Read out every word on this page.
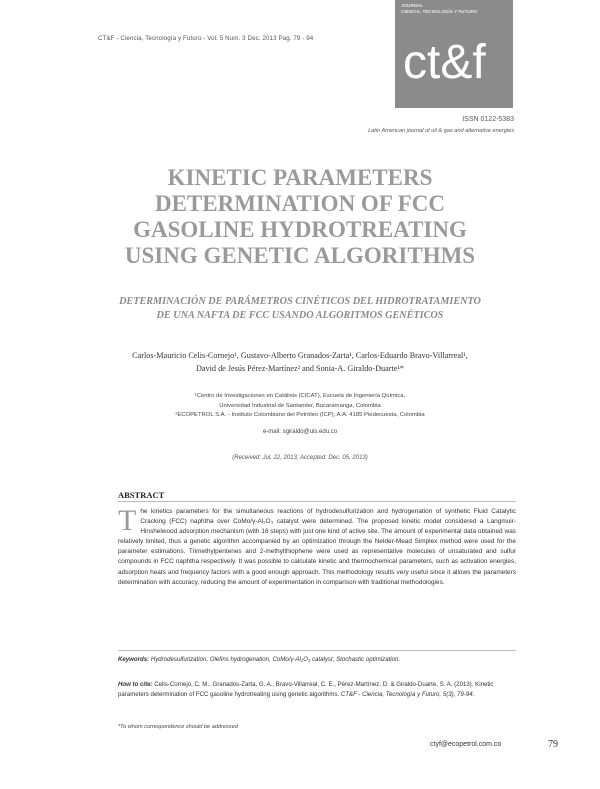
CT&F - Ciencia, Tecnología y Futuro - Vol. 5 Num. 3 Dec. 2013 Pag. 79 - 94
JOURNAL
CIENCIA, TECNOLOGÍA Y FUTURO
ct&f
ISSN 0122-5383
Latin American journal of oil & gas and alternative energies
KINETIC PARAMETERS
DETERMINATION OF FCC
GASOLINE HYDROTREATING
USING GENETIC ALGORITHMS
DETERMINACIÓN DE PARÁMETROS CINÉTICOS DEL HIDROTRATAMIENTO
DE UNA NAFTA DE FCC USANDO ALGORITMOS GENÉTICOS
Carlos-Mauricio Celis-Cornejo¹, Gustavo-Alberto Granados-Zarta¹, Carlos-Eduardo Bravo-Villarreal¹,
David de Jesús Pérez-Martínez² and Sonia-A. Giraldo-Duarte¹*
¹Centro de Investigaciones en Catálisis (CICAT), Escuela de Ingeniería Química,
Universidad Industrial de Santander, Bucaramanga, Colombia
²ECOPETROL S.A. - Instituto Colombiano del Petróleo (ICP), A.A. 4185 Piedecuesta, Colombia
e-mail: sgiraldo@uis.edu.co
(Received: Jul. 22, 2013; Accepted: Dec. 05, 2013)
ABSTRACT
The kinetics parameters for the simultaneous reactions of hydrodesulfurization and hydrogenation of synthetic Fluid Catalytic Cracking (FCC) naphtha over CoMo/γ-Al₂O₃ catalyst were determined. The proposed kinetic model considered a Langmuir-Hinshelwood adsorption mechanism (with 16 steps) with just one kind of active site. The amount of experimental data obtained was relatively limited, thus a genetic algorithm accompanied by an optimization through the Nelder-Mead Simplex method were used for the parameter estimations. Trimethylpentenes and 2-methylthiophene were used as representative molecules of unsaturated and sulfur compounds in FCC naphtha respectively. It was possible to calculate kinetic and thermochemical parameters, such as activation energies, adsorption heats and frequency factors with a good enough approach. This methodology results very useful since it allows the parameters determination with accuracy, reducing the amount of experimentation in comparison with traditional methodologies.
Keywords: Hydrodesulfurization, Olefins hydrogenation, CoMo/γ-Al₂O₃ catalyst, Stochastic optimization.
How to cite: Celis-Cornejo, C. M., Granados-Zarta, G. A., Bravo-Villarreal, C. E., Pérez-Martínez, D. & Giraldo-Duarte, S. A. (2013). Kinetic parameters determination of FCC gasoline hydrotreating using genetic algorithms. CT&F - Ciencia, Tecnología y Futuro, 5(3), 79-94.
*To whom correspondence should be addressed
ctyf@ecopetrol.com.co	79
